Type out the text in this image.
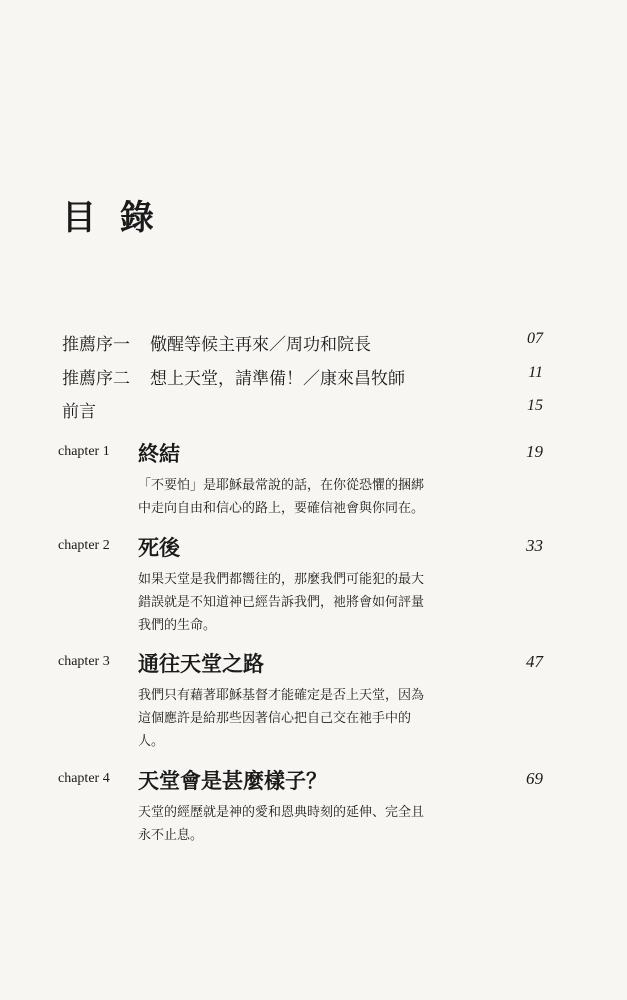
目 錄
推薦序一 儆醒等候主再來／周功和院長	07
推薦序二 想上天堂，請準備！／康來昌牧師	11
前言	15
chapter 1 終結	19
「不要怕」是耶穌最常說的話，在你從恐懼的捆綁
中走向自由和信心的路上，要確信祂會與你同在。
chapter 2 死後	33
如果天堂是我們都嚮往的，那麼我們可能犯的最大
錯誤就是不知道神已經告訴我們，祂將會如何評量
我們的生命。
chapter 3 通往天堂之路	47
我們只有藉著耶穌基督才能確定是否上天堂，因為
這個應許是給那些因著信心把自己交在祂手中的
人。
chapter 4 天堂會是甚麼樣子？	69
天堂的經歷就是神的愛和恩典時刻的延伸、完全且
永不止息。
